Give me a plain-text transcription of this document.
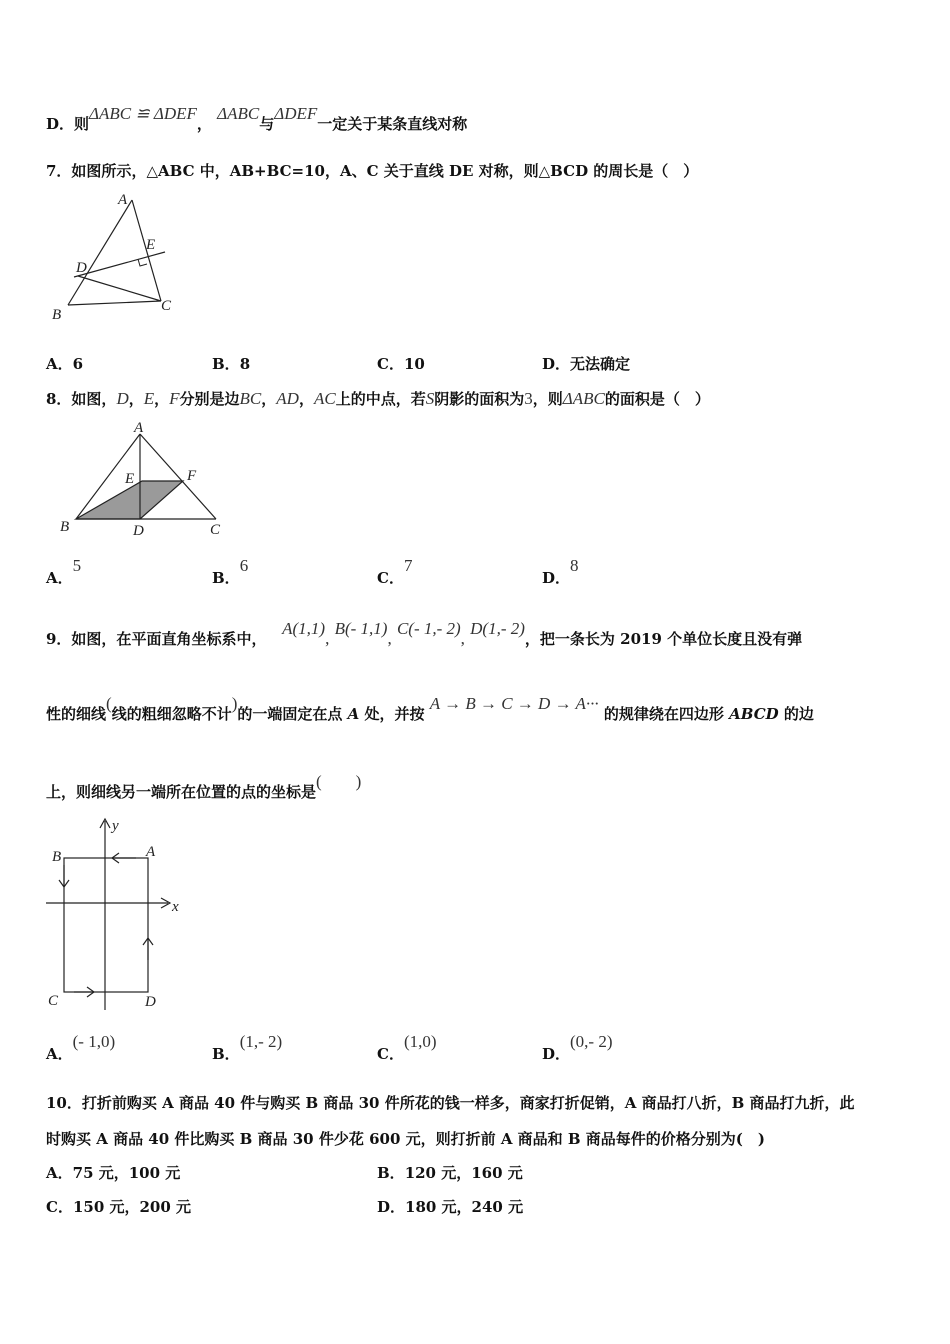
D．则ΔABC ≌ ΔDEF， ΔABC与ΔDEF一定关于某条直线对称
7．如图所示，△ABC 中，AB+BC=10，A、C 关于直线 DE 对称，则△BCD 的周长是（　）
A
E
D
B
C
A．6	B．8	C．10	D．无法确定
8．如图，D，E，F分别是边BC，AD，AC上的中点，若S阴影的面积为3，则ΔABC的面积是（　）
A
E	F
B	D	C
A．5
B．6
C．7
D．8
9．如图，在平面直角坐标系中，   A(1,1), B(- 1,1), C(- 1,- 2), D(1,- 2)，把一条长为 2019 个单位长度且没有弹
性的细线(线的粗细忽略不计)的一端固定在点 A 处，并按 A → B → C → D → A··· 的规律绕在四边形 ABCD 的边
上，则细线另一端所在位置的点的坐标是(　　)
y
x
B	A
C	D
A．(- 1,0)
B．(1,- 2)
C．(1,0)
D．(0,- 2)
10．打折前购买 A 商品 40 件与购买 B 商品 30 件所花的钱一样多，商家打折促销，A 商品打八折，B 商品打九折，此
时购买 A 商品 40 件比购买 B 商品 30 件少花 600 元，则打折前 A 商品和 B 商品每件的价格分别为(　)
A．75 元，100 元	B．120 元，160 元
C．150 元，200 元	D．180 元，240 元
